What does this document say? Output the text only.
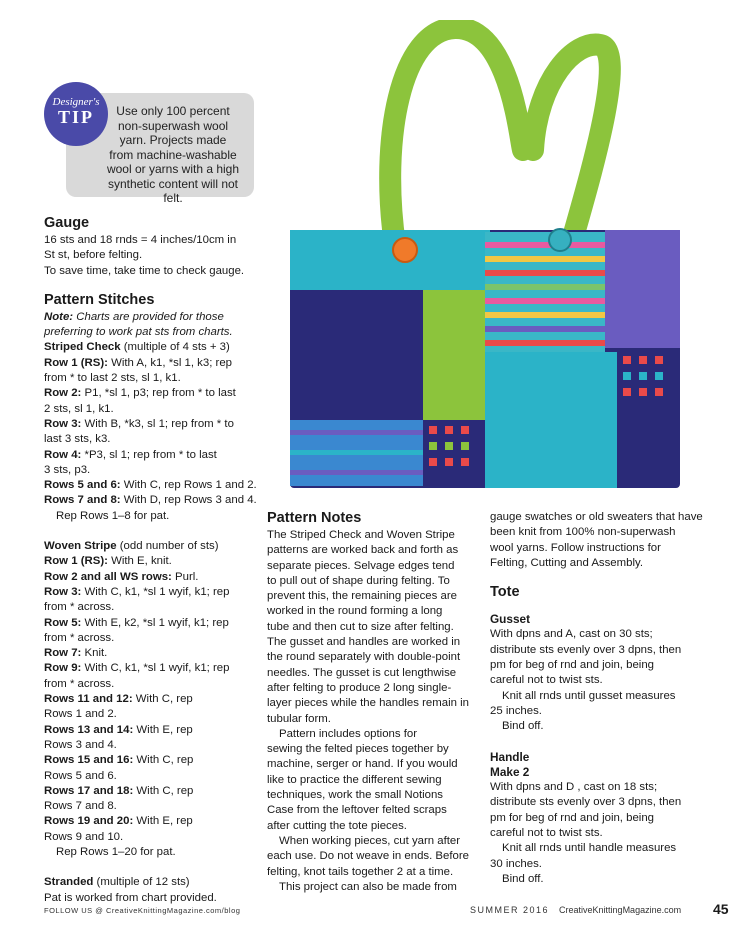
Use only 100 percent
non-superwash wool
yarn. Projects made
from machine-washable
wool or yarns with a high
synthetic content will not felt.
Designer's
TIP

Gauge

16 sts and 18 rnds = 4 inches/10cm in

St st, before felting.

To save time, take time to check gauge.

Pattern Stitches

Note: Charts are provided for those

preferring to work pat sts from charts.

Striped Check (multiple of 4 sts + 3)

Row 1 (RS): With A, k1, *sl 1, k3; rep

from * to last 2 sts, sl 1, k1.

Row 2: P1, *sl 1, p3; rep from * to last

2 sts, sl 1, k1.

Row 3: With B, *k3, sl 1; rep from * to

last 3 sts, k3.

Row 4: *P3, sl 1; rep from * to last

3 sts, p3.

Rows 5 and 6: With C, rep Rows 1 and 2.

Rows 7 and 8: With D, rep Rows 3 and 4.

Rep Rows 1–8 for pat.

Woven Stripe (odd number of sts)

Row 1 (RS): With E, knit.

Row 2 and all WS rows: Purl.

Row 3: With C, k1, *sl 1 wyif, k1; rep

from * across.

Row 5: With E, k2, *sl 1 wyif, k1; rep

from * across.

Row 7: Knit.

Row 9: With C, k1, *sl 1 wyif, k1; rep

from * across.

Rows 11 and 12: With C, rep

Rows 1 and 2.

Rows 13 and 14: With E, rep

Rows 3 and 4.

Rows 15 and 16: With C, rep

Rows 5 and 6.

Rows 17 and 18: With C, rep

Rows 7 and 8.

Rows 19 and 20: With E, rep

Rows 9 and 10.

Rep Rows 1–20 for pat.

Stranded (multiple of 12 sts)

Pat is worked from chart provided.

Pattern Notes

The Striped Check and Woven Stripe

patterns are worked back and forth as

separate pieces. Selvage edges tend

to pull out of shape during felting. To

prevent this, the remaining pieces are

worked in the round forming a long

tube and then cut to size after felting.

The gusset and handles are worked in

the round separately with double-point

needles. The gusset is cut lengthwise

after felting to produce 2 long single-

layer pieces while the handles remain in

tubular form.

Pattern includes options for

sewing the felted pieces together by

machine, serger or hand. If you would

like to practice the different sewing

techniques, work the small Notions

Case from the leftover felted scraps

after cutting the tote pieces.

When working pieces, cut yarn after

each use. Do not weave in ends. Before

felting, knot tails together 2 at a time.

This project can also be made from

gauge swatches or old sweaters that have

been knit from 100% non-superwash

wool yarns. Follow instructions for

Felting, Cutting and Assembly.

Tote

Gusset

With dpns and A, cast on 30 sts;

distribute sts evenly over 3 dpns, then

pm for beg of rnd and join, being

careful not to twist sts.

Knit all rnds until gusset measures

25 inches.

Bind off.

Handle

Make 2

With dpns and D , cast on 18 sts;

distribute sts evenly over 3 dpns, then

pm for beg of rnd and join, being

careful not to twist sts.

Knit all rnds until handle measures

30 inches.

Bind off.

FOLLOW US @ CreativeKnittingMagazine.com/blog	SUMMER 2016 CreativeKnittingMagazine.com 45
